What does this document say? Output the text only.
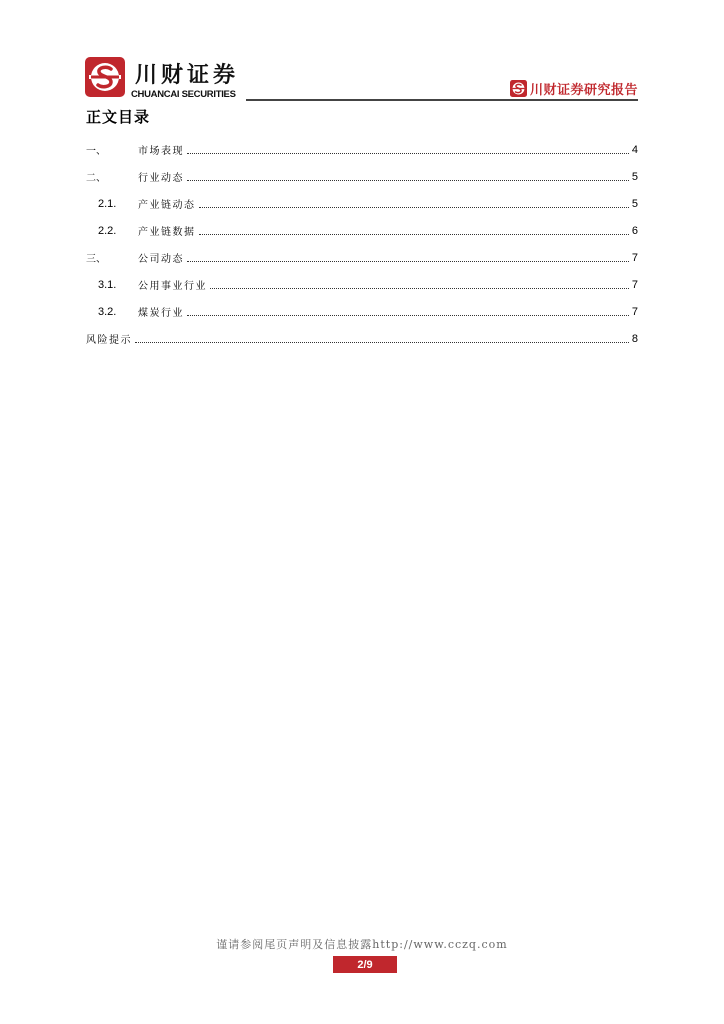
川财证券
CHUANCAI SECURITIES	川财证券研究报告
正文目录
一、	市场表现	4
二、	行业动态	5
2.1.	产业链动态	5
2.2.	产业链数据	6
三、	公司动态	7
3.1.	公用事业行业	7
3.2.	煤炭行业	7
风险提示	8
谨请参阅尾页声明及信息披露http://www.cczq.com
2/9
